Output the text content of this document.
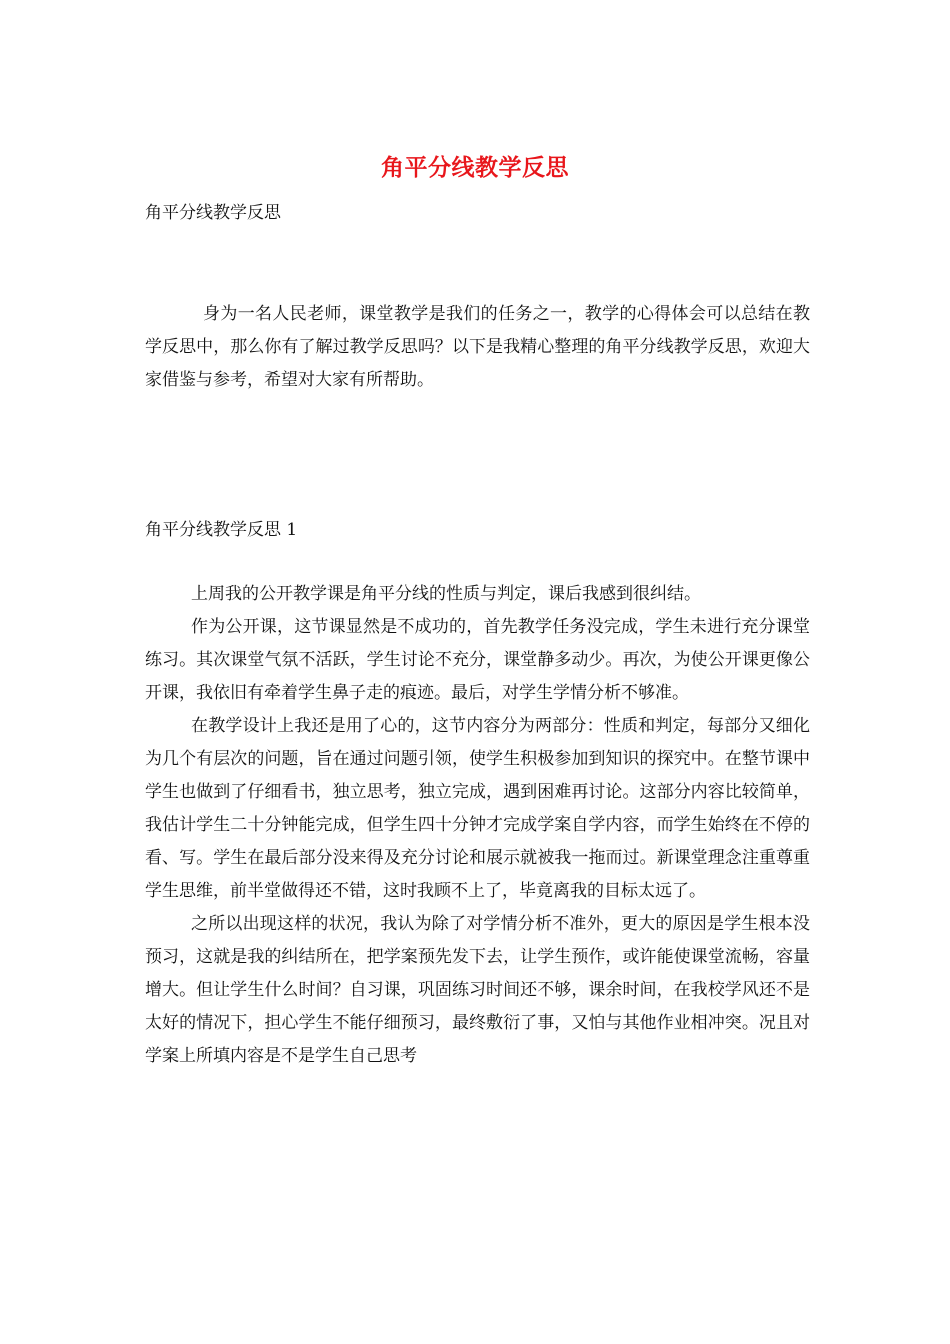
角平分线教学反思
角平分线教学反思
身为一名人民老师，课堂教学是我们的任务之一，教学的心得体会可以总结在教学反思中，那么你有了解过教学反思吗？以下是我精心整理的角平分线教学反思，欢迎大家借鉴与参考，希望对大家有所帮助。
角平分线教学反思 1

上周我的公开教学课是角平分线的性质与判定，课后我感到很纠结。

作为公开课，这节课显然是不成功的，首先教学任务没完成，学生未进行充分课堂练习。其次课堂气氛不活跃，学生讨论不充分，课堂静多动少。再次，为使公开课更像公开课，我依旧有牵着学生鼻子走的痕迹。最后，对学生学情分析不够准。

在教学设计上我还是用了心的，这节内容分为两部分：性质和判定，每部分又细化为几个有层次的问题，旨在通过问题引领，使学生积极参加到知识的探究中。在整节课中学生也做到了仔细看书，独立思考，独立完成，遇到困难再讨论。这部分内容比较简单，我估计学生二十分钟能完成，但学生四十分钟才完成学案自学内容，而学生始终在不停的看、写。学生在最后部分没来得及充分讨论和展示就被我一拖而过。新课堂理念注重尊重学生思维，前半堂做得还不错，这时我顾不上了，毕竟离我的目标太远了。

之所以出现这样的状况，我认为除了对学情分析不准外，更大的原因是学生根本没预习，这就是我的纠结所在，把学案预先发下去，让学生预作，或许能使课堂流畅，容量增大。但让学生什么时间？自习课，巩固练习时间还不够，课余时间，在我校学风还不是太好的情况下，担心学生不能仔细预习，最终敷衍了事，又怕与其他作业相冲突。况且对学案上所填内容是不是学生自己思考
